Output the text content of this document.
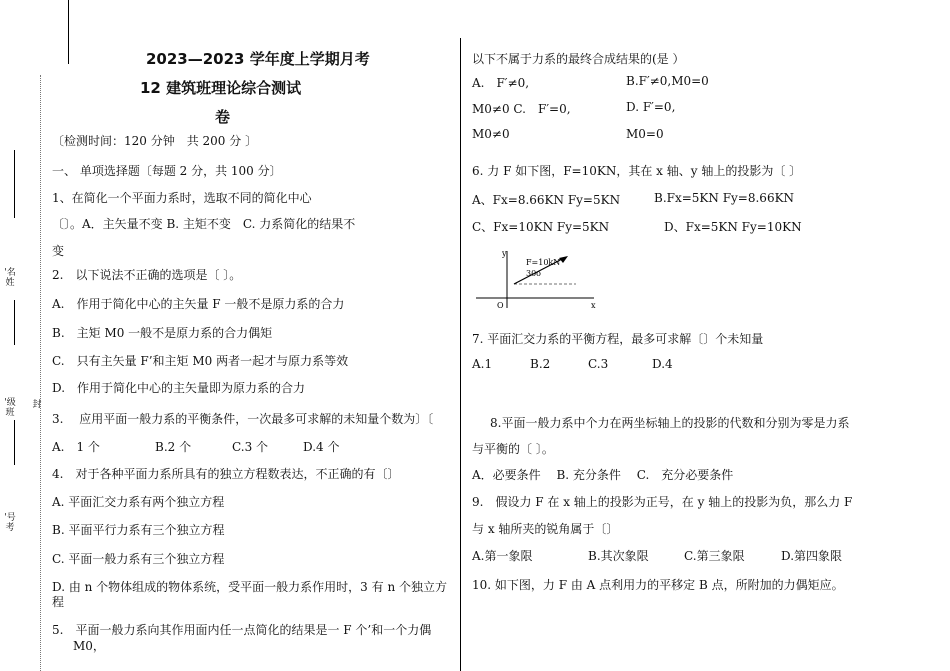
'名姓
'级班
封
'号考
2023—2023 学年度上学期月考
12 建筑班理论综合测试
卷
〔检测时间：120 分钟　共 200 分 〕
一、 单项选择题〔每题 2 分，共 100 分〕
1、在简化一个平面力系时，选取不同的简化中心
〔〕。A．主矢量不变 B. 主矩不变　C. 力系简化的结果不
变
2.　以下说法不正确的选项是〔 〕。
A.　作用于简化中心的主矢量 F 一般不是原力系的合力
B.　主矩 M0 一般不是原力系的合力偶矩
C.　只有主矢量 F’和主矩 M0 两者一起才与原力系等效
D.　作用于简化中心的主矢量即为原力系的合力
3.　 应用平面一般力系的平衡条件，一次最多可求解的未知量个数为〕〔
A.　1 个	B.2 个	C.3 个	D.4 个
4.　对于各种平面力系所具有的独立方程数表达，不正确的有〔〕
A. 平面汇交力系有两个独立方程
B. 平面平行力系有三个独立方程
C. 平面一般力系有三个独立方程
D. 由 n 个物体组成的物体系统，受平面一般力系作用时，3 有 n 个独立方
程
5.　平面一般力系向其作用面内任一点简化的结果是一 F 个’和一个力偶
M0，
以下不属于力系的最终合成结果的(是 ）
A.　F′≠0,	B.F′≠0,M0=0
M0≠0 C.　F′=0,	D. F′=0,
M0≠0	M0=0
6. 力 F 如下图，F=10KN，其在 x 轴、y 轴上的投影为〔 〕
A、Fx=8.66KN Fy=5KN	B.Fx=5KN Fy=8.66KN
C、Fx=10KN Fy=5KN	D、Fx=5KN Fy=10KN
F=10kN
30o
y
x
O
7. 平面汇交力系的平衡方程，最多可求解〔〕个未知量
A.1	B.2	C.3	D.4
8.平面一般力系中个力在两坐标轴上的投影的代数和分别为零是力系
与平衡的〔 〕。
A．必要条件　 B. 充分条件　 C.　充分必要条件
9.　假设力 F 在 x 轴上的投影为正号，在 y 轴上的投影为负，那么力 F
与 x 轴所夹的锐角属于〔〕
A.第一象限	B.其次象限	C.第三象限	D.第四象限
10. 如下图，力 F 由 A 点利用力的平移定 B 点，所附加的力偶矩应。
